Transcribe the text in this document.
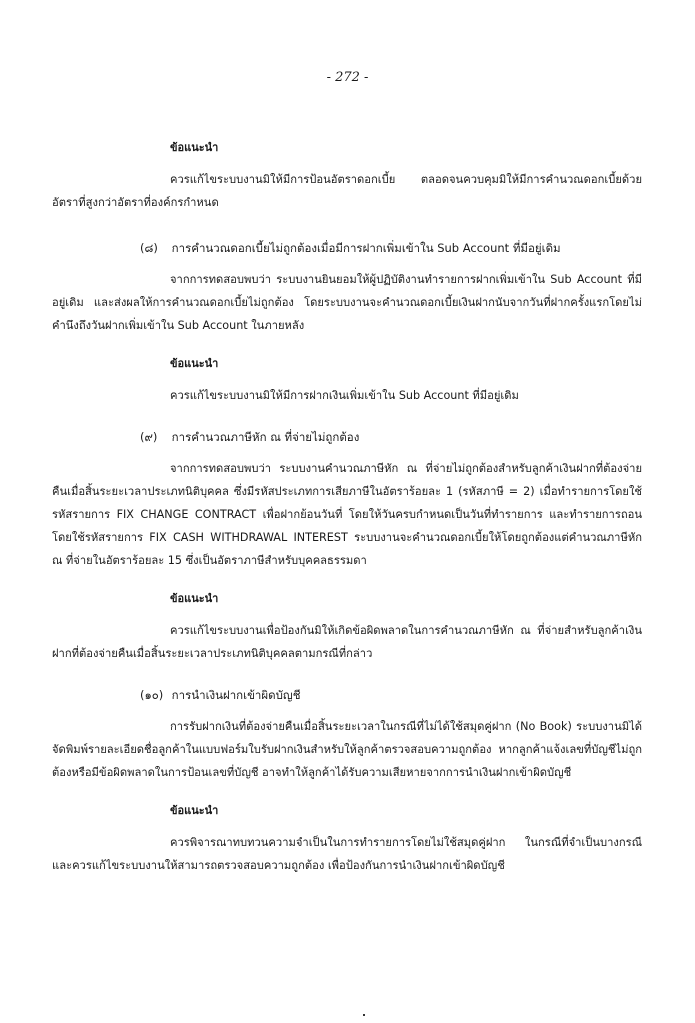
- 272 -
ข้อแนะนำ

ควรแก้ไขระบบงานมิให้มีการป้อนอัตราดอกเบี้ย ตลอดจนควบคุมมิให้มีการคำนวณดอกเบี้ยด้วยอัตราที่สูงกว่าอัตราที่องค์กรกำหนด

(๘) การคำนวณดอกเบี้ยไม่ถูกต้องเมื่อมีการฝากเพิ่มเข้าใน Sub Account ที่มีอยู่เดิม

จากการทดสอบพบว่า ระบบงานยินยอมให้ผู้ปฏิบัติงานทำรายการฝากเพิ่มเข้าใน Sub Account ที่มีอยู่เดิม และส่งผลให้การคำนวณดอกเบี้ยไม่ถูกต้อง โดยระบบงานจะคำนวณดอกเบี้ยเงินฝากนับจากวันที่ฝากครั้งแรกโดยไม่คำนึงถึงวันฝากเพิ่มเข้าใน Sub Account ในภายหลัง

ข้อแนะนำ

ควรแก้ไขระบบงานมิให้มีการฝากเงินเพิ่มเข้าใน Sub Account ที่มีอยู่เดิม

(๙) การคำนวณภาษีหัก ณ ที่จ่ายไม่ถูกต้อง

จากการทดสอบพบว่า ระบบงานคำนวณภาษีหัก ณ ที่จ่ายไม่ถูกต้องสำหรับลูกค้าเงินฝากที่ต้องจ่ายคืนเมื่อสิ้นระยะเวลาประเภทนิติบุคคล ซึ่งมีรหัสประเภทการเสียภาษีในอัตราร้อยละ 1 (รหัสภาษี = 2) เมื่อทำรายการโดยใช้รหัสรายการ FIX CHANGE CONTRACT เพื่อฝากย้อนวันที่ โดยให้วันครบกำหนดเป็นวันที่ทำรายการ และทำรายการถอนโดยใช้รหัสรายการ FIX CASH WITHDRAWAL INTEREST ระบบงานจะคำนวณดอกเบี้ยให้โดยถูกต้องแต่คำนวณภาษีหัก ณ ที่จ่ายในอัตราร้อยละ 15 ซึ่งเป็นอัตราภาษีสำหรับบุคคลธรรมดา

ข้อแนะนำ

ควรแก้ไขระบบงานเพื่อป้องกันมิให้เกิดข้อผิดพลาดในการคำนวณภาษีหัก ณ ที่จ่ายสำหรับลูกค้าเงินฝากที่ต้องจ่ายคืนเมื่อสิ้นระยะเวลาประเภทนิติบุคคลตามกรณีที่กล่าว

(๑๐) การนำเงินฝากเข้าผิดบัญชี

การรับฝากเงินที่ต้องจ่ายคืนเมื่อสิ้นระยะเวลาในกรณีที่ไม่ได้ใช้สมุดคู่ฝาก (No Book) ระบบงานมิได้จัดพิมพ์รายละเอียดชื่อลูกค้าในแบบฟอร์มใบรับฝากเงินสำหรับให้ลูกค้าตรวจสอบความถูกต้อง หากลูกค้าแจ้งเลขที่บัญชีไม่ถูกต้องหรือมีข้อผิดพลาดในการป้อนเลขที่บัญชี อาจทำให้ลูกค้าได้รับความเสียหายจากการนำเงินฝากเข้าผิดบัญชี

ข้อแนะนำ

ควรพิจารณาทบทวนความจำเป็นในการทำรายการโดยไม่ใช้สมุดคู่ฝาก ในกรณีที่จำเป็นบางกรณีและควรแก้ไขระบบงานให้สามารถตรวจสอบความถูกต้อง เพื่อป้องกันการนำเงินฝากเข้าผิดบัญชี
